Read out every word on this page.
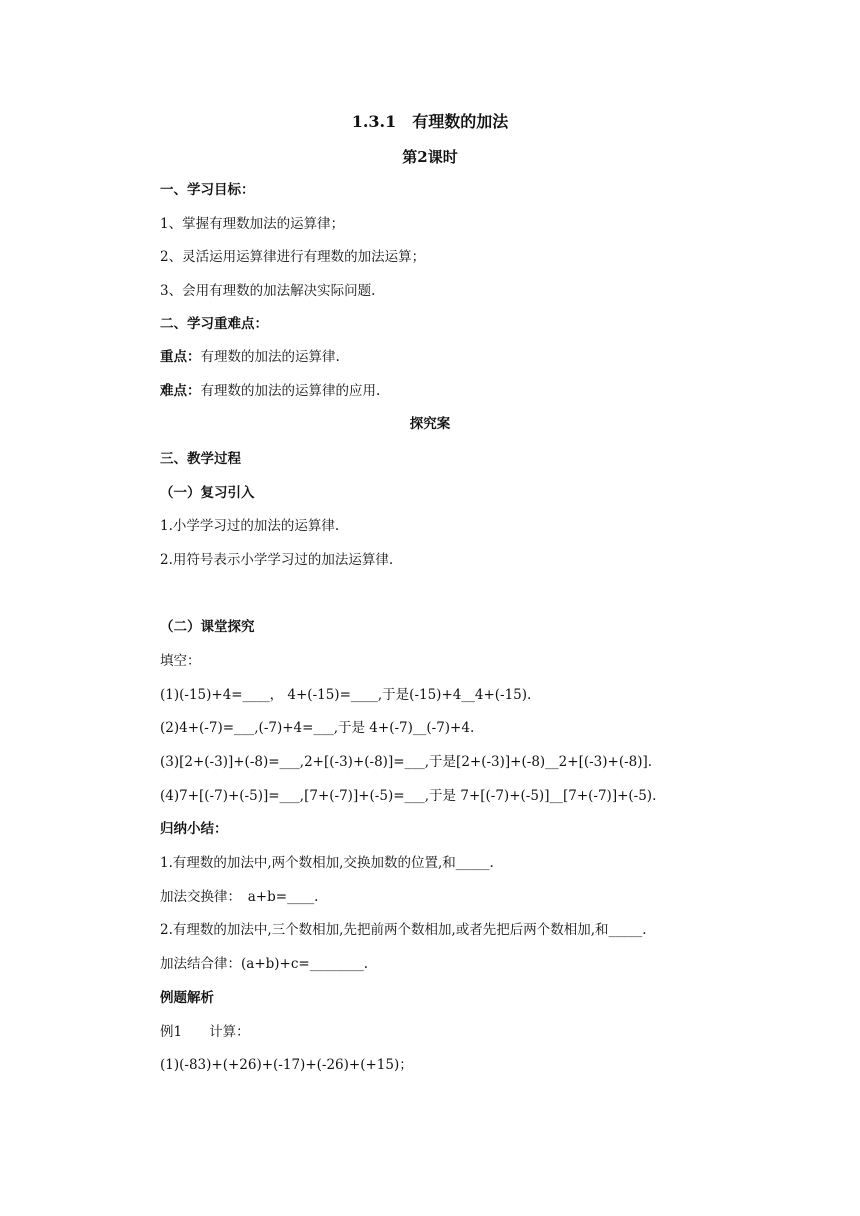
1.3.1　有理数的加法
第2课时
一、学习目标：
1、掌握有理数加法的运算律；
2、灵活运用运算律进行有理数的加法运算；
3、会用有理数的加法解决实际问题.
二、学习重难点：
重点：有理数的加法的运算律.
难点：有理数的加法的运算律的应用.
探究案
三、教学过程
（一）复习引入
1.小学学习过的加法的运算律.
2.用符号表示小学学习过的加法运算律.
（二）课堂探究
填空：
(1)(-15)+4=____， 4+(-15)=____,于是(-15)+4__4+(-15).
(2)4+(-7)=___,(-7)+4=___,于是 4+(-7)__(-7)+4.
(3)[2+(-3)]+(-8)=___,2+[(-3)+(-8)]=___,于是[2+(-3)]+(-8)__2+[(-3)+(-8)].
(4)7+[(-7)+(-5)]=___,[7+(-7)]+(-5)=___,于是 7+[(-7)+(-5)]__[7+(-7)]+(-5).
归纳小结：
1.有理数的加法中,两个数相加,交换加数的位置,和_____.
加法交换律：　a+b=____.
2.有理数的加法中,三个数相加,先把前两个数相加,或者先把后两个数相加,和_____.
加法结合律：(a+b)+c=________.
例题解析
例1　　计算：
(1)(-83)+(+26)+(-17)+(-26)+(+15)；
